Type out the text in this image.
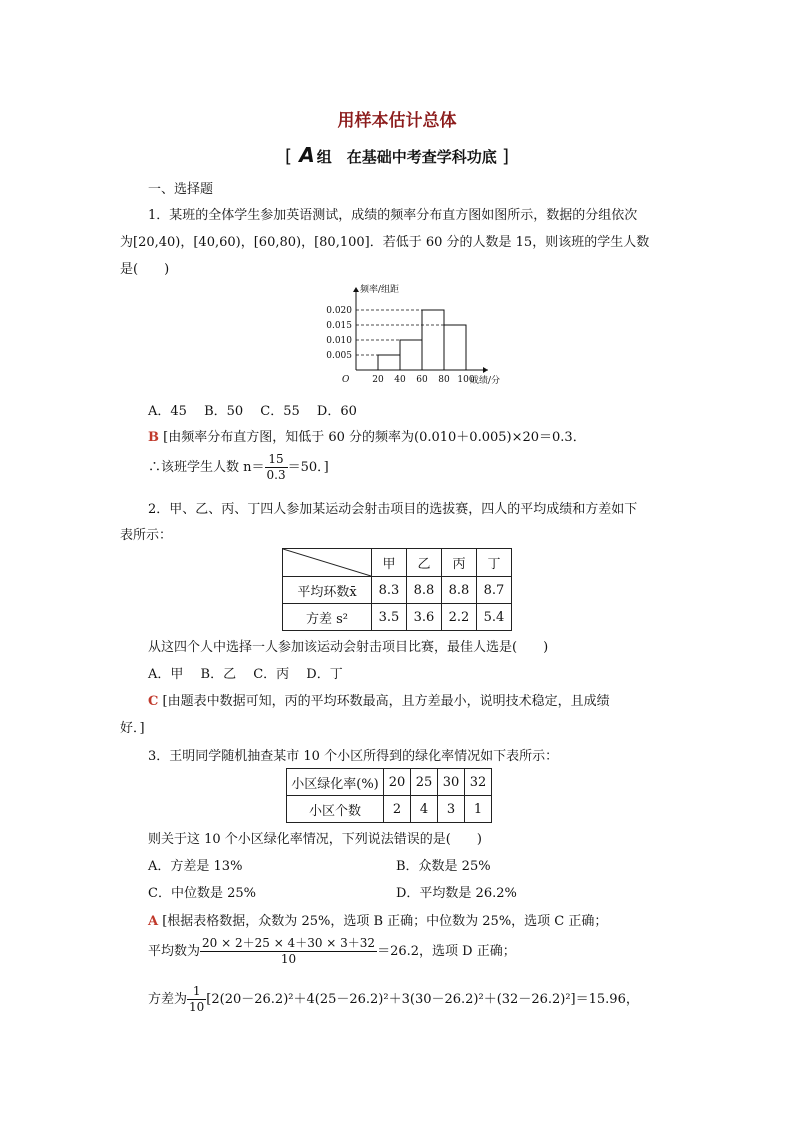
用样本估计总体
[ A 组　在基础中考查学科功底 ]
一、选择题
1．某班的全体学生参加英语测试，成绩的频率分布直方图如图所示，数据的分组依次
为[20,40)，[40,60)，[60,80)，[80,100]．若低于 60 分的人数是 15，则该班的学生人数
是(　　)
0.005
0.010
0.015
0.020
20 40 60 80 100
O
频率/组距
成绩/分
A．45　 B．50　 C．55　 D．60
B [由频率分布直方图，知低于 60 分的频率为(0.010＋0.005)×20＝0.3．
∴该班学生人数 $n= \frac{15}{0.3} =50$．]
2．甲、乙、丙、丁四人参加某运动会射击项目的选拔赛，四人的平均成绩和方差如下
表所示：
	甲	乙	丙	丁
平均环数x̄	8.3	8.8	8.8	8.7
方差 s²	3.5	3.6	2.2	5.4
从这四个人中选择一人参加该运动会射击项目比赛，最佳人选是(　　)
A．甲　 B．乙　 C．丙　 D．丁
C [由题表中数据可知，丙的平均环数最高，且方差最小，说明技术稳定，且成绩
好．]
3．王明同学随机抽查某市 10 个小区所得到的绿化率情况如下表所示：
小区绿化率(%)	20	25	30	32
小区个数	2	4	3	1
则关于这 10 个小区绿化率情况，下列说法错误的是(　　)
A．方差是 13%	B．众数是 25%
C．中位数是 25%	D．平均数是 26.2%
A [根据表格数据，众数为 25%，选项 B 正确；中位数为 25%，选项 C 正确；
平均数为 $\frac{20 \times 2+25 \times 4+30 \times 3+32}{10} =26.2$，选项 D 正确；
方差为 $\frac{1}{10} [2(20-26.2)^2+4(25-26.2)^2+3(30-26.2)^2+(32-26.2)^2]=15.96$，
